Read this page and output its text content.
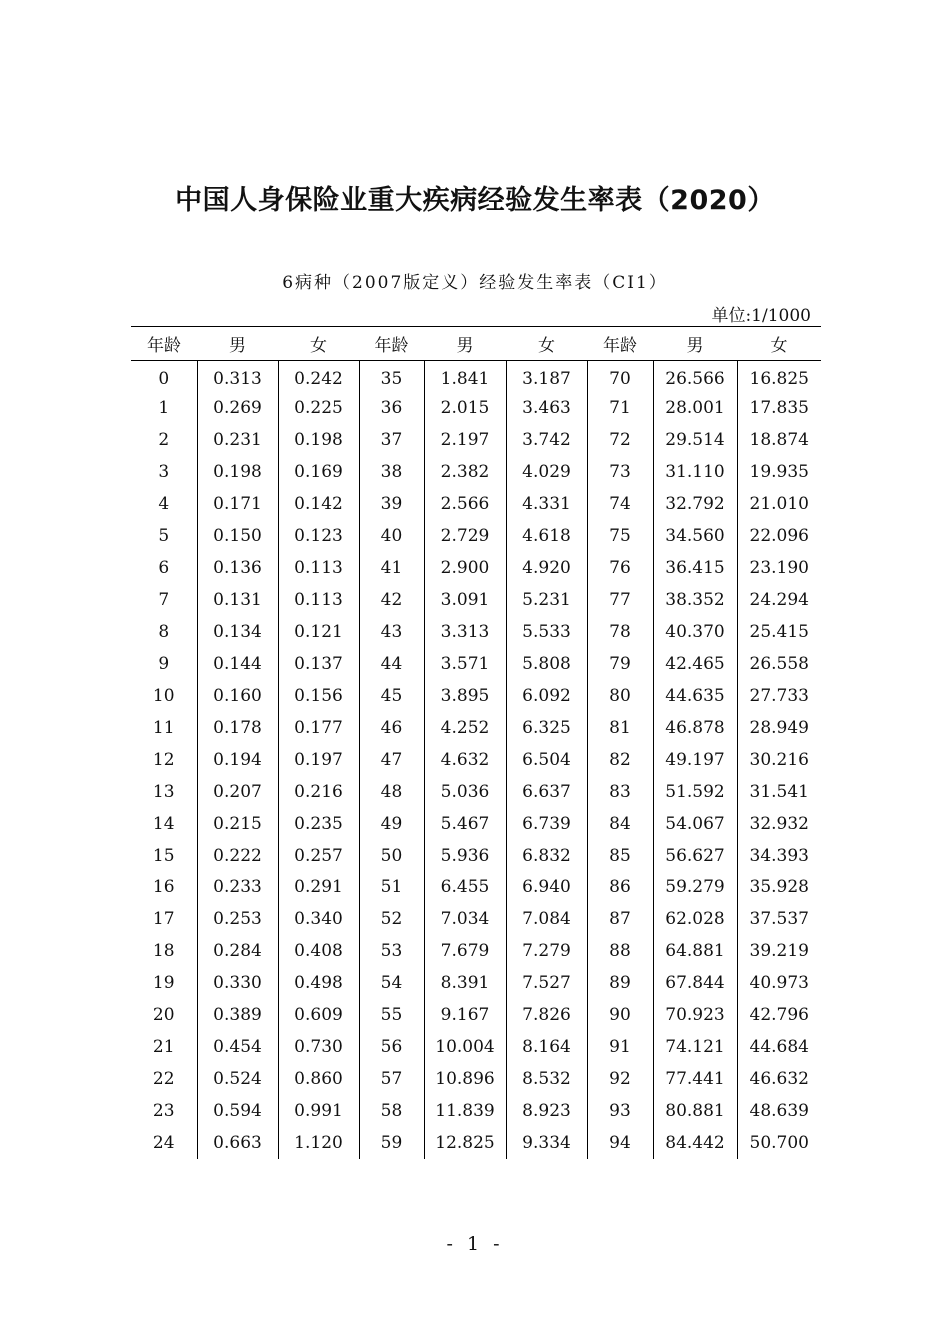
中国人身保险业重大疾病经验发生率表（2020）
6病种（2007版定义）经验发生率表（CI1）
单位:1/1000
年龄	男	女	年龄	男	女	年龄	男	女
0	0.313	0.242	35	1.841	3.187	70	26.566	16.825
1	0.269	0.225	36	2.015	3.463	71	28.001	17.835
2	0.231	0.198	37	2.197	3.742	72	29.514	18.874
3	0.198	0.169	38	2.382	4.029	73	31.110	19.935
4	0.171	0.142	39	2.566	4.331	74	32.792	21.010
5	0.150	0.123	40	2.729	4.618	75	34.560	22.096
6	0.136	0.113	41	2.900	4.920	76	36.415	23.190
7	0.131	0.113	42	3.091	5.231	77	38.352	24.294
8	0.134	0.121	43	3.313	5.533	78	40.370	25.415
9	0.144	0.137	44	3.571	5.808	79	42.465	26.558
10	0.160	0.156	45	3.895	6.092	80	44.635	27.733
11	0.178	0.177	46	4.252	6.325	81	46.878	28.949
12	0.194	0.197	47	4.632	6.504	82	49.197	30.216
13	0.207	0.216	48	5.036	6.637	83	51.592	31.541
14	0.215	0.235	49	5.467	6.739	84	54.067	32.932
15	0.222	0.257	50	5.936	6.832	85	56.627	34.393
16	0.233	0.291	51	6.455	6.940	86	59.279	35.928
17	0.253	0.340	52	7.034	7.084	87	62.028	37.537
18	0.284	0.408	53	7.679	7.279	88	64.881	39.219
19	0.330	0.498	54	8.391	7.527	89	67.844	40.973
20	0.389	0.609	55	9.167	7.826	90	70.923	42.796
21	0.454	0.730	56	10.004	8.164	91	74.121	44.684
22	0.524	0.860	57	10.896	8.532	92	77.441	46.632
23	0.594	0.991	58	11.839	8.923	93	80.881	48.639
24	0.663	1.120	59	12.825	9.334	94	84.442	50.700
- 1 -
